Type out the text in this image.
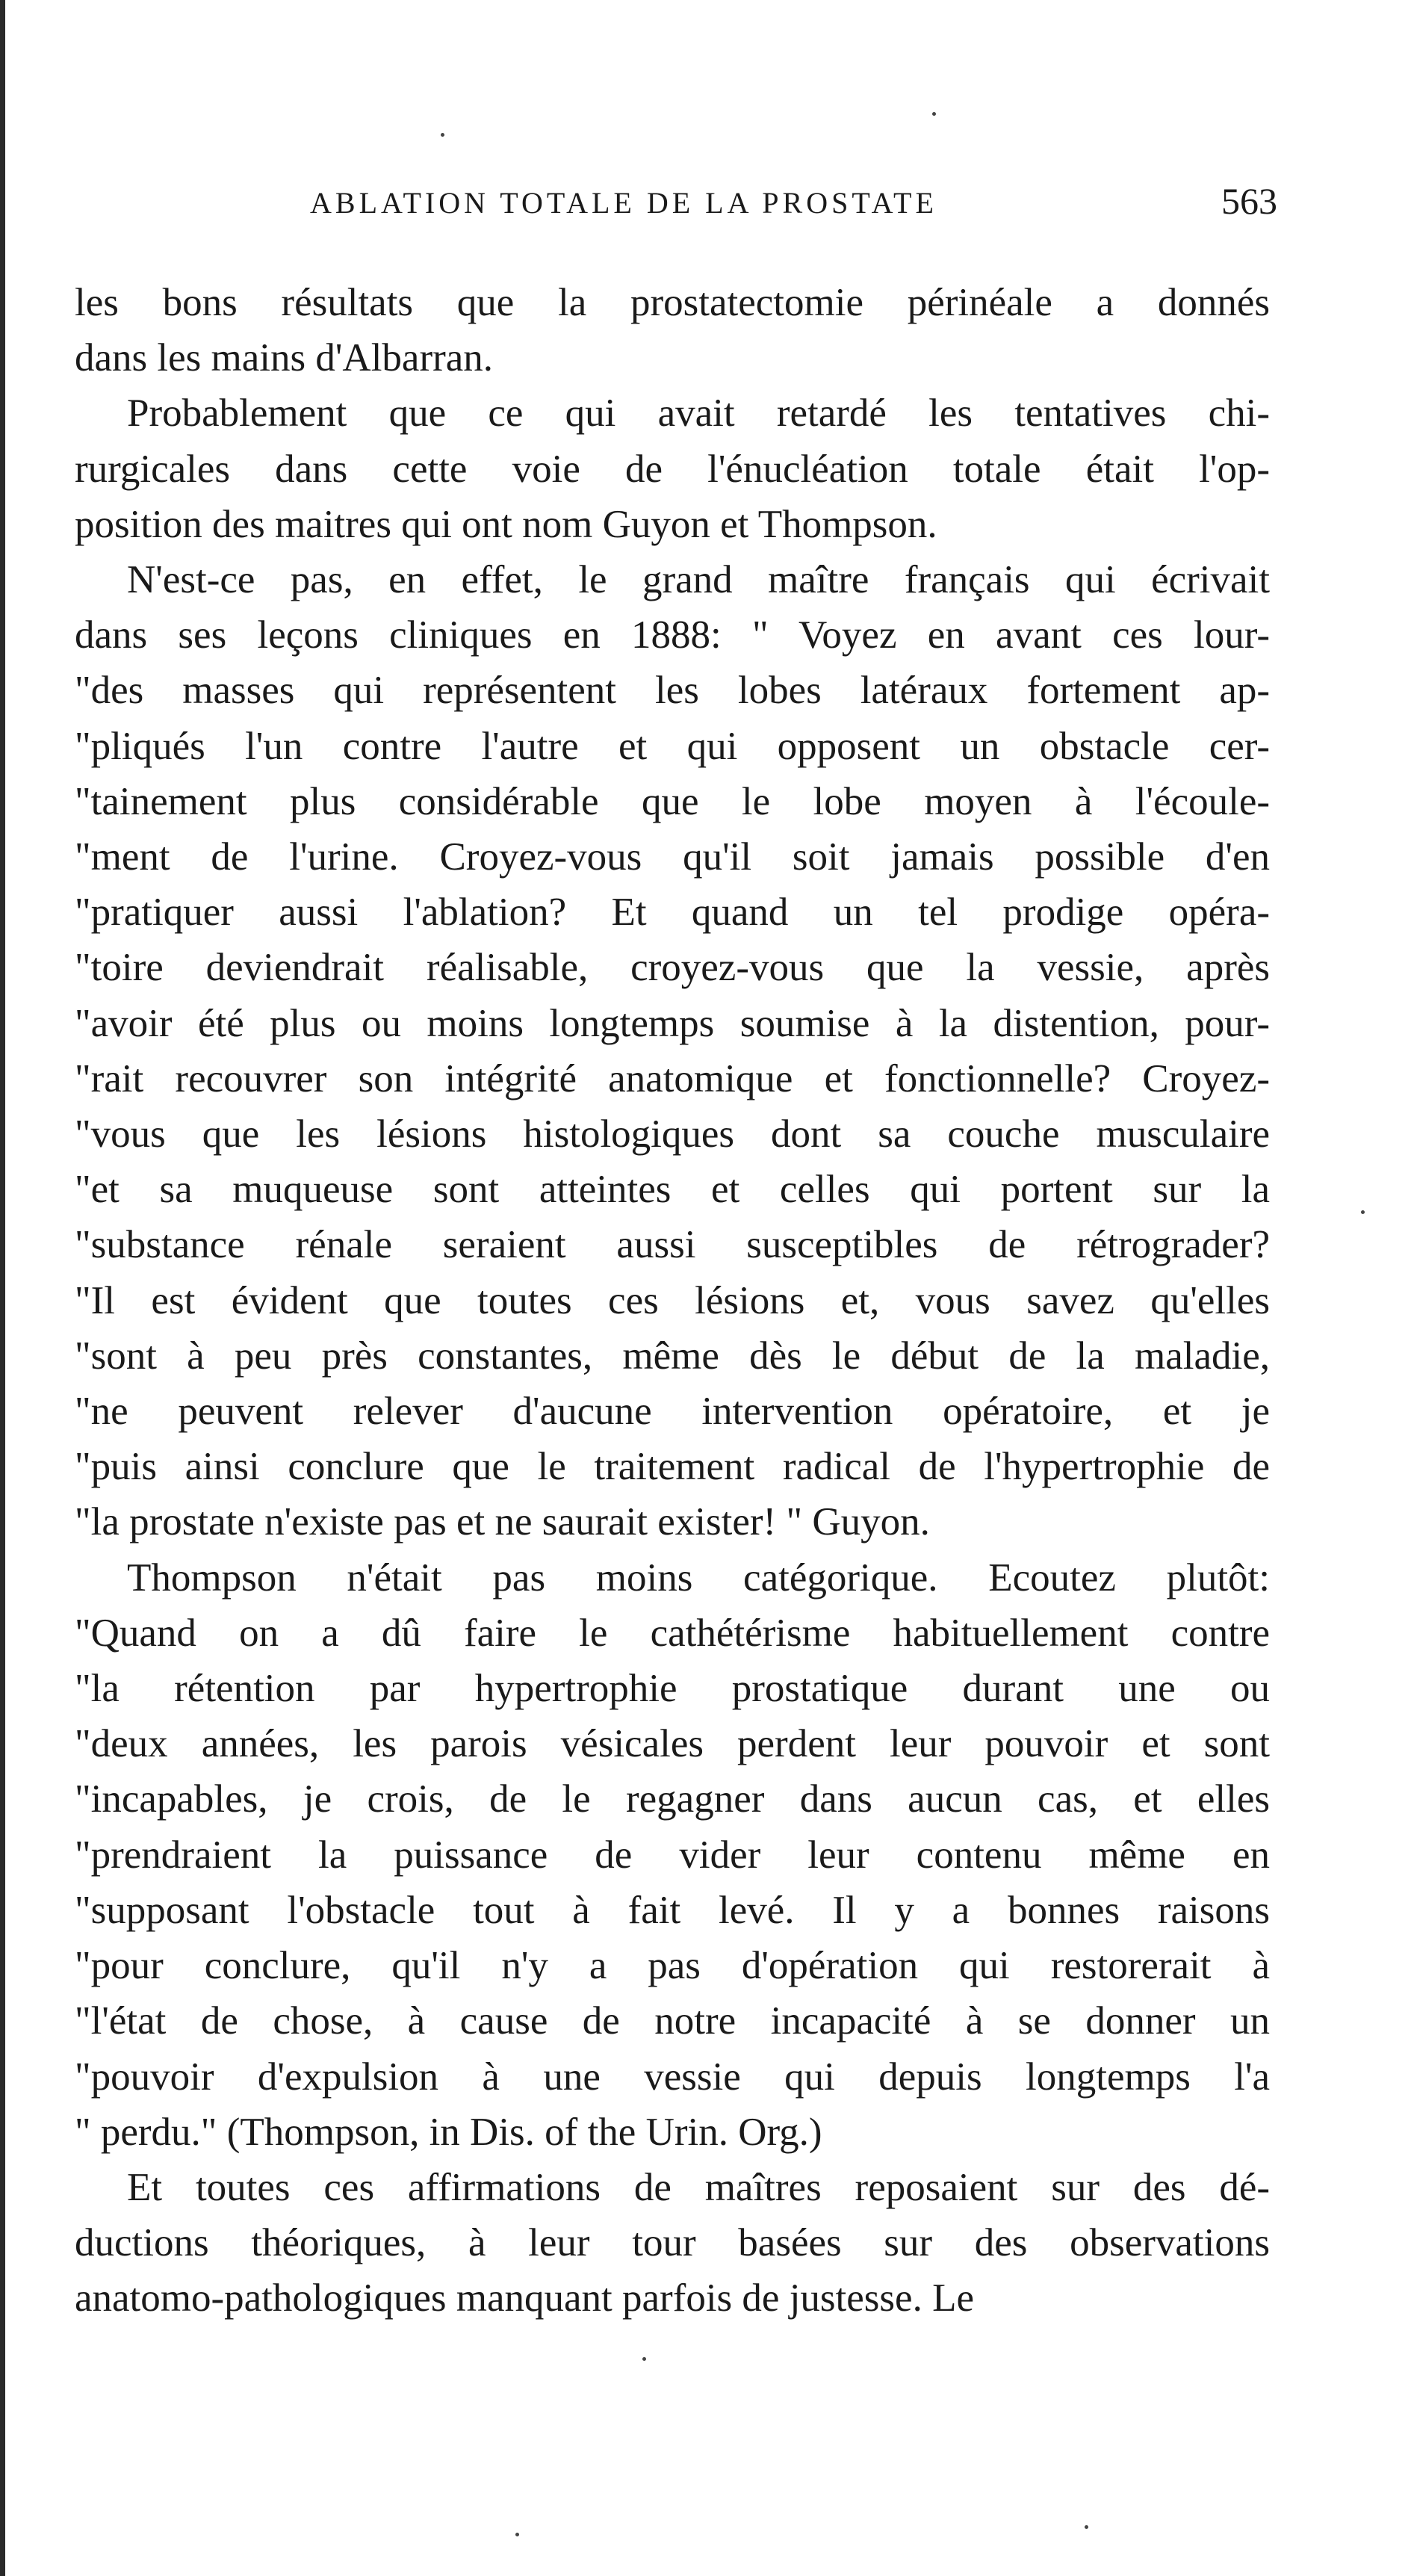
ABLATION TOTALE DE LA PROSTATE	563

les bons résultats que la prostatectomie périnéale a donnés
dans les mains d'Albarran.

Probablement que ce qui avait retardé les tentatives chi-
rurgicales dans cette voie de l'énucléation totale était l'op-
position des maitres qui ont nom Guyon et Thompson.

N'est-ce pas, en effet, le grand maître français qui écrivait
dans ses leçons cliniques en 1888: " Voyez en avant ces lour-
"des masses qui représentent les lobes latéraux fortement ap-
"pliqués l'un contre l'autre et qui opposent un obstacle cer-
"tainement plus considérable que le lobe moyen à l'écoule-
"ment de l'urine. Croyez-vous qu'il soit jamais possible d'en
"pratiquer aussi l'ablation? Et quand un tel prodige opéra-
"toire deviendrait réalisable, croyez-vous que la vessie, après
"avoir été plus ou moins longtemps soumise à la distention, pour-
"rait recouvrer son intégrité anatomique et fonctionnelle? Croyez-
"vous que les lésions histologiques dont sa couche musculaire
"et sa muqueuse sont atteintes et celles qui portent sur la
"substance rénale seraient aussi susceptibles de rétrograder?
"Il est évident que toutes ces lésions et, vous savez qu'elles
"sont à peu près constantes, même dès le début de la maladie,
"ne peuvent relever d'aucune intervention opératoire, et je
"puis ainsi conclure que le traitement radical de l'hypertrophie de
"la prostate n'existe pas et ne saurait exister! " Guyon.

Thompson n'était pas moins catégorique. Ecoutez plutôt:
"Quand on a dû faire le cathétérisme habituellement contre
"la rétention par hypertrophie prostatique durant une ou
"deux années, les parois vésicales perdent leur pouvoir et sont
"incapables, je crois, de le regagner dans aucun cas, et elles
"prendraient la puissance de vider leur contenu même en
"supposant l'obstacle tout à fait levé. Il y a bonnes raisons
"pour conclure, qu'il n'y a pas d'opération qui restorerait à
"l'état de chose, à cause de notre incapacité à se donner un
"pouvoir d'expulsion à une vessie qui depuis longtemps l'a
" perdu." (Thompson, in Dis. of the Urin. Org.)

Et toutes ces affirmations de maîtres reposaient sur des dé-
ductions théoriques, à leur tour basées sur des observations
anatomo-pathologiques manquant parfois de justesse. Le
